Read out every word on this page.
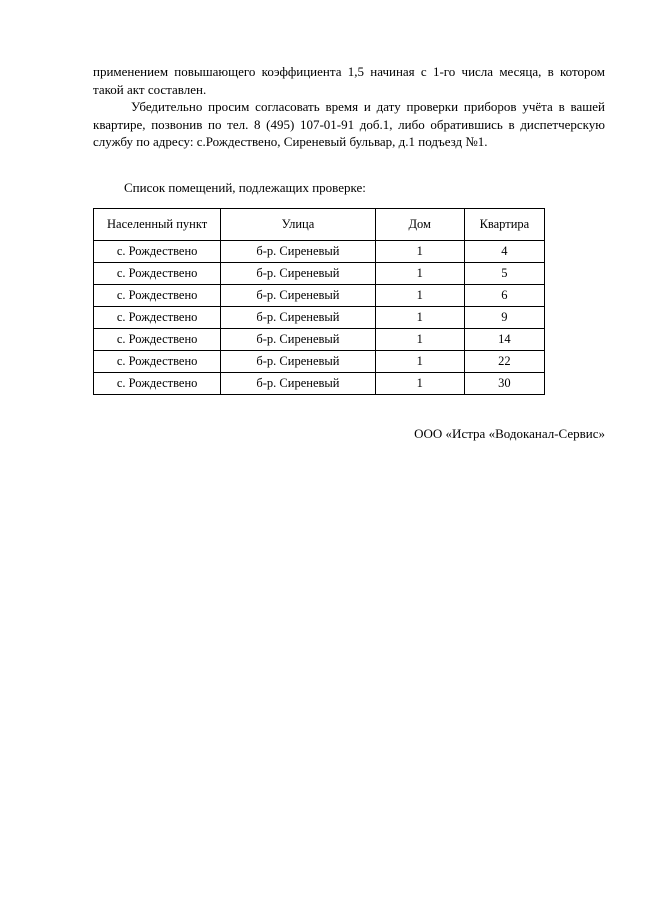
применением повышающего коэффициента 1,5 начиная с 1-го числа месяца, в котором такой акт составлен.

Убедительно просим согласовать время и дату проверки приборов учёта в вашей квартире, позвонив по тел. 8 (495) 107-01-91 доб.1, либо обратившись в диспетчерскую службу по адресу: с.Рождествено, Сиреневый бульвар, д.1 подъезд №1.

Список помещений, подлежащих проверке:

Населенный пункт	Улица	Дом	Квартира
с. Рождествено	б-р. Сиреневый	1	4
с. Рождествено	б-р. Сиреневый	1	5
с. Рождествено	б-р. Сиреневый	1	6
с. Рождествено	б-р. Сиреневый	1	9
с. Рождествено	б-р. Сиреневый	1	14
с. Рождествено	б-р. Сиреневый	1	22
с. Рождествено	б-р. Сиреневый	1	30

ООО «Истра «Водоканал-Сервис»
